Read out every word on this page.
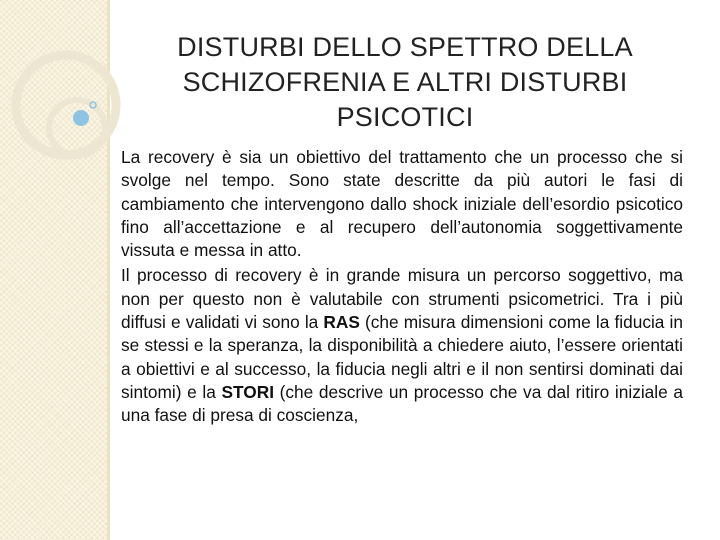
DISTURBI DELLO SPETTRO DELLA SCHIZOFRENIA E ALTRI DISTURBI PSICOTICI

La recovery è sia un obiettivo del trattamento che un processo che si svolge nel tempo. Sono state descritte da più autori le fasi di cambiamento che intervengono dallo shock iniziale dell’esordio psicotico fino all’accettazione e al recupero dell’autonomia soggettivamente vissuta e messa in atto.

Il processo di recovery è in grande misura un percorso soggettivo, ma non per questo non è valutabile con strumenti psicometrici. Tra i più diffusi e validati vi sono la RAS (che misura dimensioni come la fiducia in se stessi e la speranza, la disponibilità a chiedere aiuto, l’essere orientati a obiettivi e al successo, la fiducia negli altri e il non sentirsi dominati dai sintomi) e la STORI (che descrive un processo che va dal ritiro iniziale a una fase di presa di coscienza,
